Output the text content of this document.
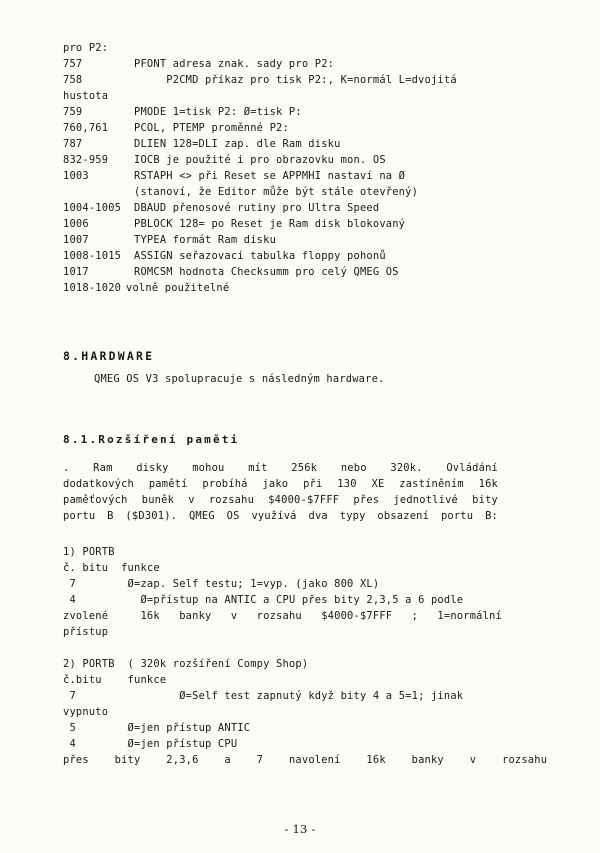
pro P2:
757	PFONT adresa znak. sady pro P2:
758	P2CMD příkaz pro tisk P2:, K=normál L=dvojitá
hustota
759	PMODE 1=tisk P2: Ø=tisk P:
760,761 PCOL, PTEMP proměnné P2:
787	DLIEN 128=DLI zap. dle Ram disku
832-959 IOCB je použité i pro obrazovku mon. OS
1003	RSTAPH <> při Reset se APPMHI nastaví na Ø
(stanoví, že Editor může být stále otevřený)
1004-1005 DBAUD přenosové rutiny pro Ultra Speed
1006	PBLOCK 128= po Reset je Ram disk blokovaný
1007	TYPEA formát Ram disku
1008-1015 ASSIGN seřazovací tabulka floppy pohonů
1017	ROMCSM hodnota Checksumm pro celý QMEG OS
1018-1020 volně použitelné
8.HARDWARE
QMEG OS V3 spolupracuje s následným hardware.
8.1.Rozšíření paměti
. Ram disky mohou mít 256k nebo 320k. Ovládání
dodatkových pamětí probíhá jako při 130 XE zastíněním 16k
paměťových buněk v rozsahu $4000-$7FFF přes jednotlivé bity
portu B ($D301). QMEG OS využívá dva typy obsazení portu B:
1) PORTB
č. bitu  funkce
7        Ø=zap. Self testu; 1=vyp. (jako 800 XL)
4          Ø=přístup na ANTIC a CPU přes bity 2,3,5 a 6 podle
zvolené     16k   banky   v   rozsahu   $4000-$7FFF   ;   1=normální
přístup
2) PORTB  ( 320k rozšíření Compy Shop)
č.bitu    funkce
7                Ø=Self test zapnutý když bity 4 a 5=1; jinak
vypnuto
5        Ø=jen přístup ANTIC
4        Ø=jen přístup CPU
přes    bity    2,3,6    a    7    navolení    16k    banky    v    rozsahu
- 13 -
